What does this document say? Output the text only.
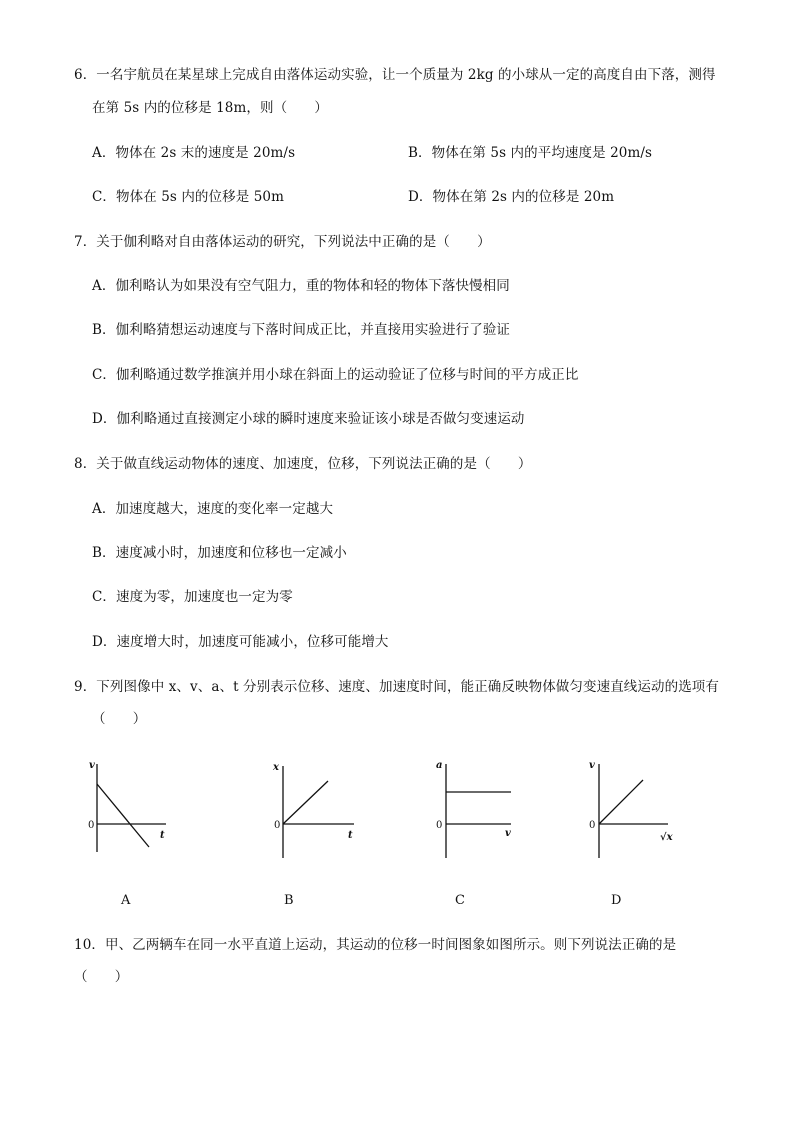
6．一名宇航员在某星球上完成自由落体运动实验，让一个质量为 2kg 的小球从一定的高度自由下落，测得
在第 5s 内的位移是 18m，则（　　）
A．物体在 2s 末的速度是 20m/s	B．物体在第 5s 内的平均速度是 20m/s
C．物体在 5s 内的位移是 50m	D．物体在第 2s 内的位移是 20m
7．关于伽利略对自由落体运动的研究，下列说法中正确的是（　　）
A．伽利略认为如果没有空气阻力，重的物体和轻的物体下落快慢相同
B．伽利略猜想运动速度与下落时间成正比，并直接用实验进行了验证
C．伽利略通过数学推演并用小球在斜面上的运动验证了位移与时间的平方成正比
D．伽利略通过直接测定小球的瞬时速度来验证该小球是否做匀变速运动
8．关于做直线运动物体的速度、加速度，位移，下列说法正确的是（　　）
A．加速度越大，速度的变化率一定越大
B．速度减小时，加速度和位移也一定减小
C．速度为零，加速度也一定为零
D．速度增大时，加速度可能减小，位移可能增大
9．下列图像中 x、v、a、t 分别表示位移、速度、加速度时间，能正确反映物体做匀变速直线运动的选项有
（　　）
v
t
0
A
x
t
0
B
a
v
0
C
v
√x
0
D
10．甲、乙两辆车在同一水平直道上运动，其运动的位移一时间图象如图所示。则下列说法正确的是
（　　）
